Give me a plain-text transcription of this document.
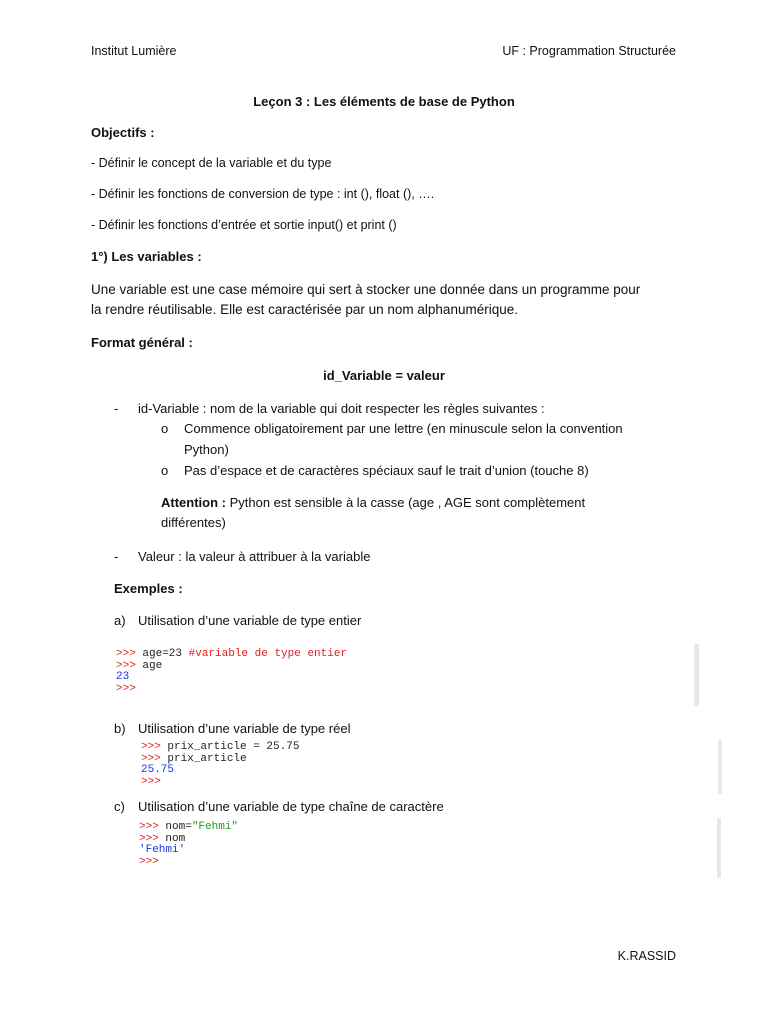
Institut Lumière	UF : Programmation Structurée
Leçon 3 : Les éléments de base de Python
Objectifs :
- Définir le concept de la variable et du type
- Définir les fonctions de conversion de type : int (), float (), ….
- Définir les fonctions d’entrée et sortie input() et print ()
1°) Les variables :
Une variable est une case mémoire qui sert à stocker une donnée dans un programme pour
la rendre réutilisable. Elle est caractérisée par un nom alphanumérique.
Format général :
id_Variable = valeur
- id-Variable : nom de la variable qui doit respecter les règles suivantes :
o Commence obligatoirement par une lettre (en minuscule selon la convention
Python)
o Pas d’espace et de caractères spéciaux sauf le trait d’union (touche 8)
Attention : Python est sensible à la casse (age , AGE sont complètement
différentes)
- Valeur : la valeur à attribuer à la variable
Exemples :
a) Utilisation d’une variable de type entier
>>> age=23 #variable de type entier
>>> age
23
>>>
b) Utilisation d’une variable de type réel
>>> prix_article = 25.75
>>> prix_article
25.75
>>>
c) Utilisation d’une variable de type chaîne de caractère
>>> nom="Fehmi"
>>> nom
'Fehmi'
>>>
K.RASSID
